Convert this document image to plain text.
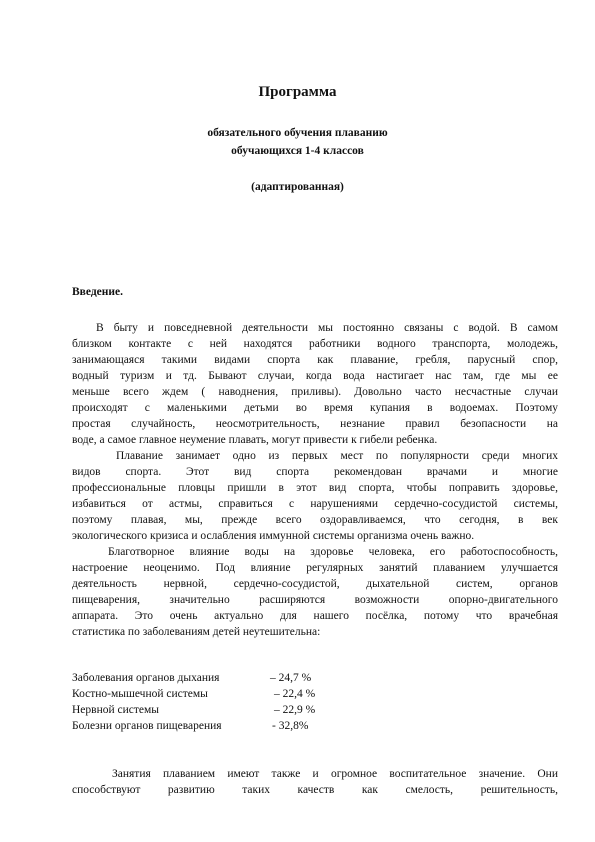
Программа
обязательного обучения плаванию
обучающихся 1-4 классов
(адаптированная)
Введение.
В быту и повседневной деятельности мы постоянно связаны с водой. В самом
близком контакте с ней находятся работники водного транспорта, молодежь,
занимающаяся такими видами спорта как плавание, гребля, парусный спор,
водный туризм и тд. Бывают случаи, когда вода настигает нас там, где мы ее
меньше всего ждем ( наводнения, приливы). Довольно часто несчастные случаи
происходят с маленькими детьми во время купания в водоемах. Поэтому
простая случайность, неосмотрительность, незнание правил безопасности на
воде, а самое главное неумение плавать, могут привести к гибели ребенка.
Плавание занимает одно из первых мест по популярности среди многих
видов спорта. Этот вид спорта рекомендован врачами и многие
профессиональные пловцы пришли в этот вид спорта, чтобы поправить здоровье,
избавиться от астмы, справиться с нарушениями сердечно-сосудистой системы,
поэтому плавая, мы, прежде всего оздоравливаемся, что сегодня, в век
экологического кризиса и ослабления иммунной системы организма очень важно.
Благотворное влияние воды на здоровье человека, его работоспособность,
настроение неоценимо. Под влияние регулярных занятий плаванием улучшается
деятельность нервной, сердечно-сосудистой, дыхательной систем, органов
пищеварения, значительно расширяются возможности опорно-двигательного
аппарата. Это очень актуально для нашего посёлка, потому что врачебная
статистика по заболеваниям детей неутешительна:
Заболевания органов дыхания	– 24,7 %
Костно-мышечной системы	– 22,4 %
Нервной системы	– 22,9 %
Болезни органов пищеварения	- 32,8%
Занятия плаванием имеют также и огромное воспитательное значение. Они
способствуют развитию таких качеств как смелость, решительность,
